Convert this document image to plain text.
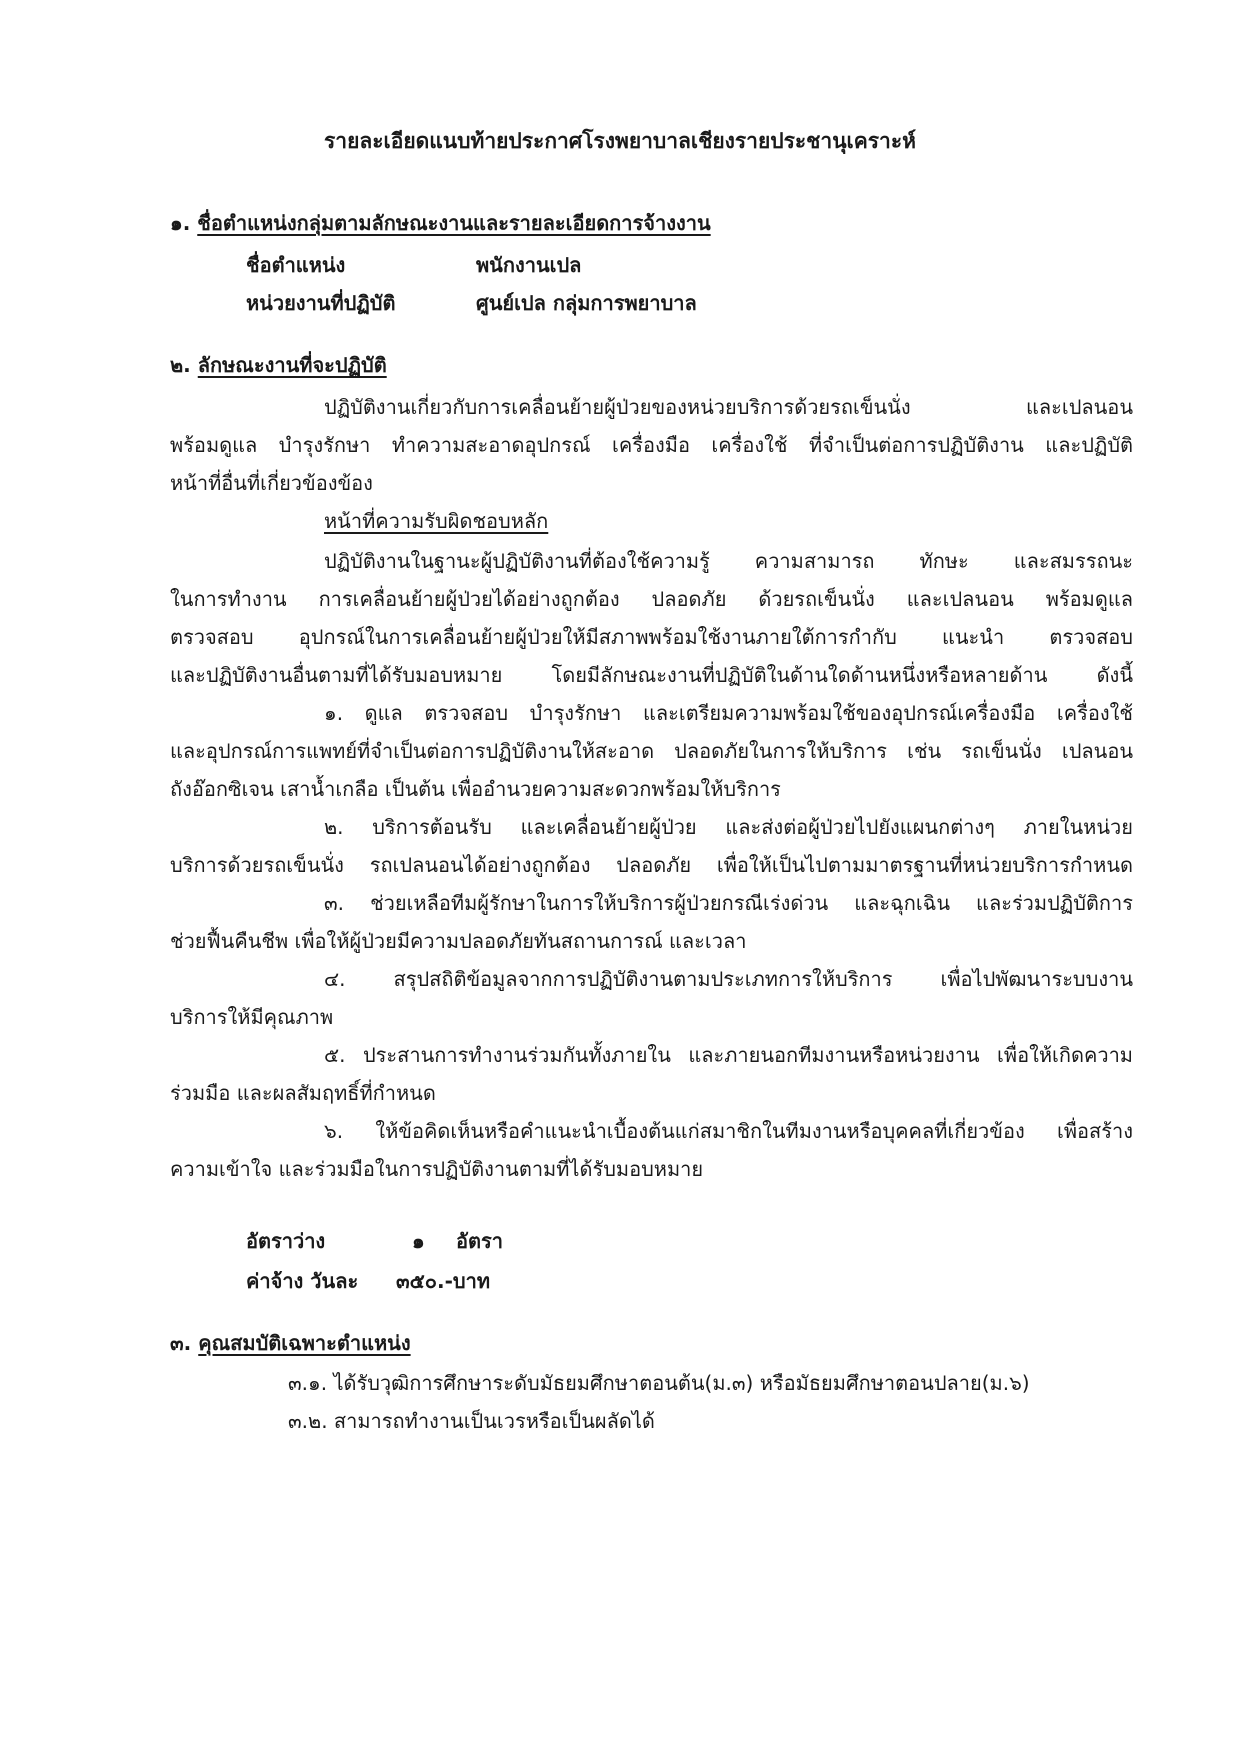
รายละเอียดแนบท้ายประกาศโรงพยาบาลเชียงรายประชานุเคราะห์
๑. ชื่อตำแหน่งกลุ่มตามลักษณะงานและรายละเอียดการจ้างงาน
ชื่อตำแหน่ง	พนักงานเปล
หน่วยงานที่ปฏิบัติ	ศูนย์เปล กลุ่มการพยาบาล
๒. ลักษณะงานที่จะปฏิบัติ
ปฏิบัติงานเกี่ยวกับการเคลื่อนย้ายผู้ป่วยของหน่วยบริการด้วยรถเข็นนั่ง และเปลนอน
พร้อมดูแล บำรุงรักษา ทำความสะอาดอุปกรณ์ เครื่องมือ เครื่องใช้ ที่จำเป็นต่อการปฏิบัติงาน และปฏิบัติ
หน้าที่อื่นที่เกี่ยวข้องข้อง
หน้าที่ความรับผิดชอบหลัก
ปฏิบัติงานในฐานะผู้ปฏิบัติงานที่ต้องใช้ความรู้ ความสามารถ ทักษะ และสมรรถนะ
ในการทำงาน การเคลื่อนย้ายผู้ป่วยได้อย่างถูกต้อง ปลอดภัย ด้วยรถเข็นนั่ง และเปลนอน พร้อมดูแล
ตรวจสอบ อุปกรณ์ในการเคลื่อนย้ายผู้ป่วยให้มีสภาพพร้อมใช้งานภายใต้การกำกับ แนะนำ ตรวจสอบ
และปฏิบัติงานอื่นตามที่ได้รับมอบหมาย โดยมีลักษณะงานที่ปฏิบัติในด้านใดด้านหนึ่งหรือหลายด้าน ดังนี้
๑. ดูแล ตรวจสอบ บำรุงรักษา และเตรียมความพร้อมใช้ของอุปกรณ์เครื่องมือ เครื่องใช้
และอุปกรณ์การแพทย์ที่จำเป็นต่อการปฏิบัติงานให้สะอาด ปลอดภัยในการให้บริการ เช่น รถเข็นนั่ง เปลนอน
ถังอ๊อกซิเจน เสาน้ำเกลือ เป็นต้น เพื่ออำนวยความสะดวกพร้อมให้บริการ
๒. บริการต้อนรับ และเคลื่อนย้ายผู้ป่วย และส่งต่อผู้ป่วยไปยังแผนกต่างๆ ภายในหน่วย
บริการด้วยรถเข็นนั่ง รถเปลนอนได้อย่างถูกต้อง ปลอดภัย เพื่อให้เป็นไปตามมาตรฐานที่หน่วยบริการกำหนด
๓. ช่วยเหลือทีมผู้รักษาในการให้บริการผู้ป่วยกรณีเร่งด่วน และฉุกเฉิน และร่วมปฏิบัติการ
ช่วยฟื้นคืนชีพ เพื่อให้ผู้ป่วยมีความปลอดภัยทันสถานการณ์ และเวลา
๔. สรุปสถิติข้อมูลจากการปฏิบัติงานตามประเภทการให้บริการ เพื่อไปพัฒนาระบบงาน
บริการให้มีคุณภาพ
๕. ประสานการทำงานร่วมกันทั้งภายใน และภายนอกทีมงานหรือหน่วยงาน เพื่อให้เกิดความ
ร่วมมือ และผลสัมฤทธิ์ที่กำหนด
๖. ให้ข้อคิดเห็นหรือคำแนะนำเบื้องต้นแก่สมาชิกในทีมงานหรือบุคคลที่เกี่ยวข้อง เพื่อสร้าง
ความเข้าใจ และร่วมมือในการปฏิบัติงานตามที่ได้รับมอบหมาย
อัตราว่าง	๑ อัตรา
ค่าจ้าง วันละ ๓๕๐.-บาท
๓. คุณสมบัติเฉพาะตำแหน่ง
๓.๑. ได้รับวุฒิการศึกษาระดับมัธยมศึกษาตอนต้น(ม.๓) หรือมัธยมศึกษาตอนปลาย(ม.๖)
๓.๒. สามารถทำงานเป็นเวรหรือเป็นผลัดได้
